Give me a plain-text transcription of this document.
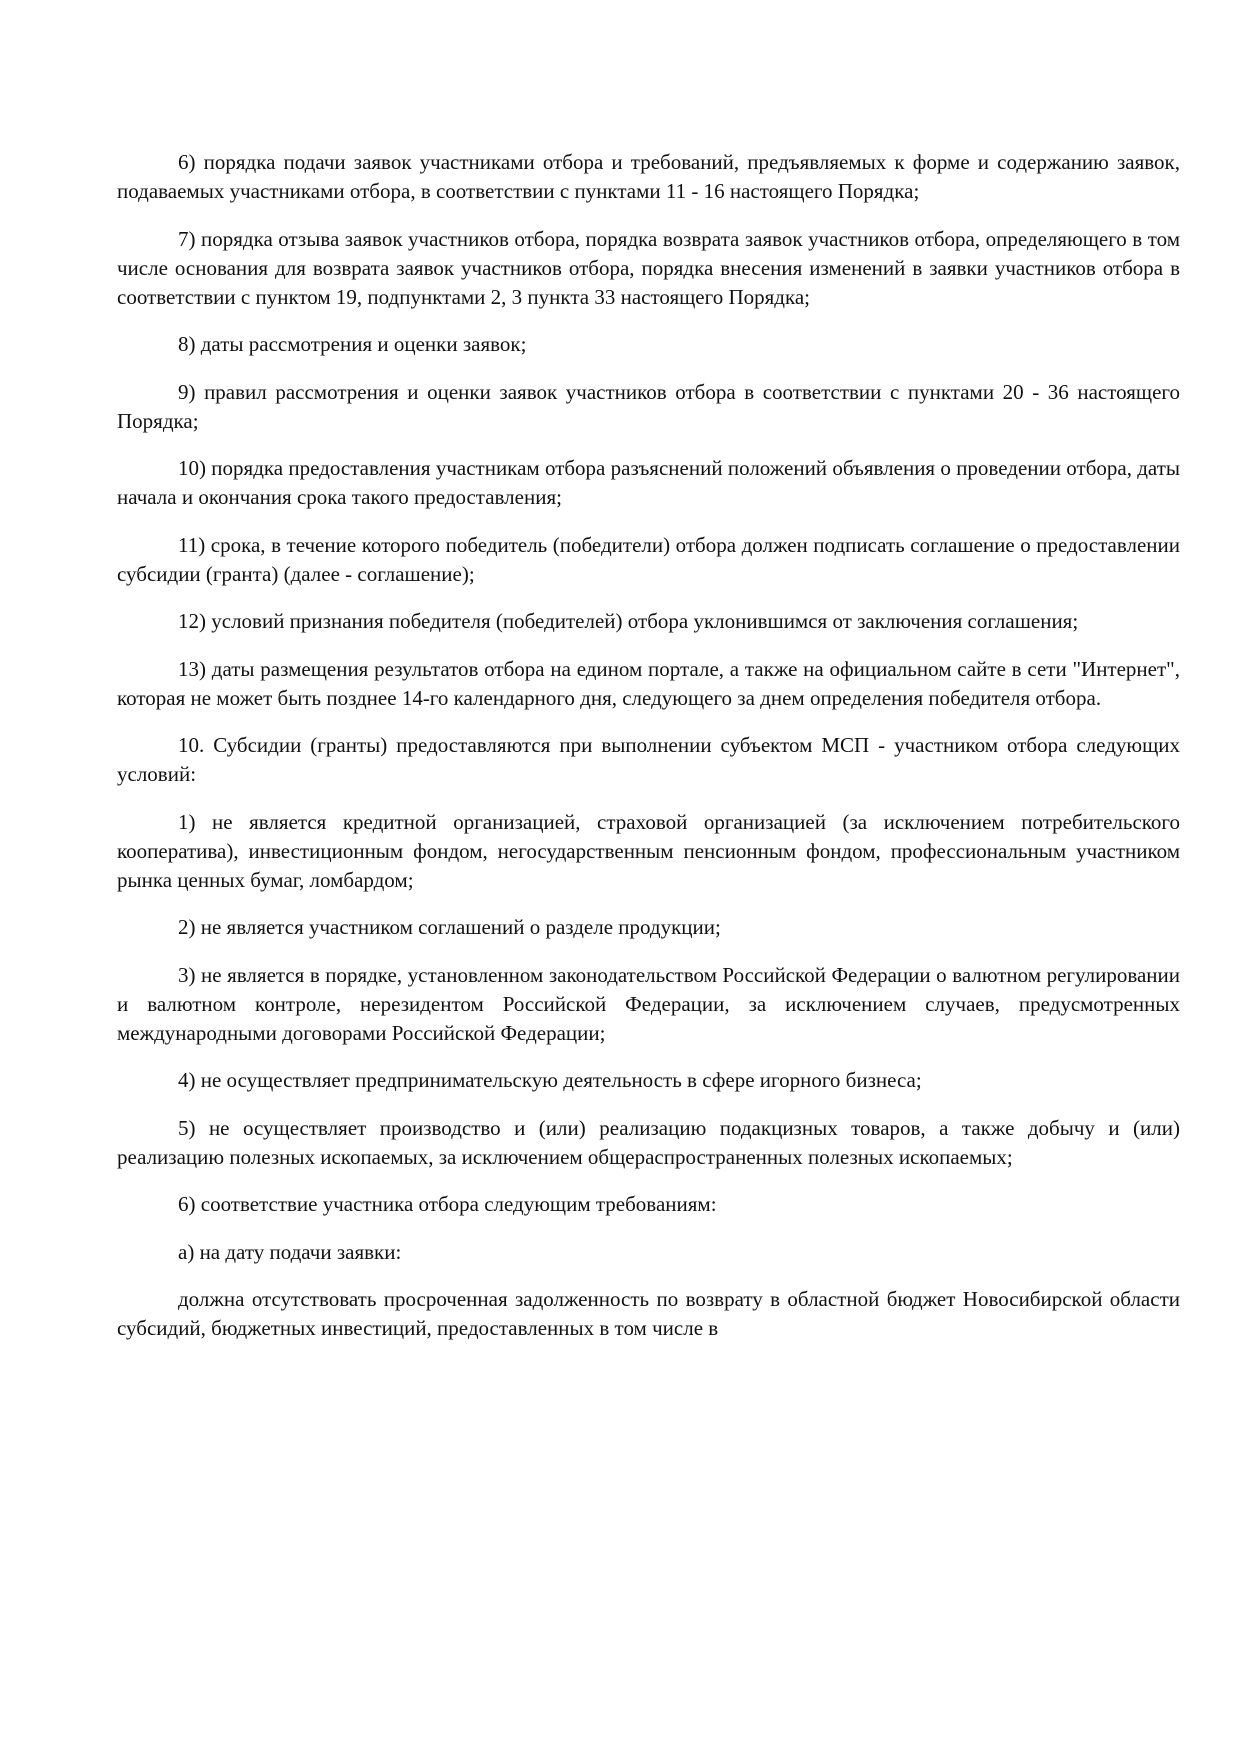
6) порядка подачи заявок участниками отбора и требований, предъявляемых к форме и содержанию заявок, подаваемых участниками отбора, в соответствии с пунктами 11 - 16 настоящего Порядка;

7) порядка отзыва заявок участников отбора, порядка возврата заявок участников отбора, определяющего в том числе основания для возврата заявок участников отбора, порядка внесения изменений в заявки участников отбора в соответствии с пунктом 19, подпунктами 2, 3 пункта 33 настоящего Порядка;

8) даты рассмотрения и оценки заявок;

9) правил рассмотрения и оценки заявок участников отбора в соответствии с пунктами 20 - 36 настоящего Порядка;

10) порядка предоставления участникам отбора разъяснений положений объявления о проведении отбора, даты начала и окончания срока такого предоставления;

11) срока, в течение которого победитель (победители) отбора должен подписать соглашение о предоставлении субсидии (гранта) (далее - соглашение);

12) условий признания победителя (победителей) отбора уклонившимся от заключения соглашения;

13) даты размещения результатов отбора на едином портале, а также на официальном сайте в сети "Интернет", которая не может быть позднее 14-го календарного дня, следующего за днем определения победителя отбора.

10. Субсидии (гранты) предоставляются при выполнении субъектом МСП - участником отбора следующих условий:

1) не является кредитной организацией, страховой организацией (за исключением потребительского кооператива), инвестиционным фондом, негосударственным пенсионным фондом, профессиональным участником рынка ценных бумаг, ломбардом;

2) не является участником соглашений о разделе продукции;

3) не является в порядке, установленном законодательством Российской Федерации о валютном регулировании и валютном контроле, нерезидентом Российской Федерации, за исключением случаев, предусмотренных международными договорами Российской Федерации;

4) не осуществляет предпринимательскую деятельность в сфере игорного бизнеса;

5) не осуществляет производство и (или) реализацию подакцизных товаров, а также добычу и (или) реализацию полезных ископаемых, за исключением общераспространенных полезных ископаемых;

6) соответствие участника отбора следующим требованиям:

а) на дату подачи заявки:

должна отсутствовать просроченная задолженность по возврату в областной бюджет Новосибирской области субсидий, бюджетных инвестиций, предоставленных в том числе в
